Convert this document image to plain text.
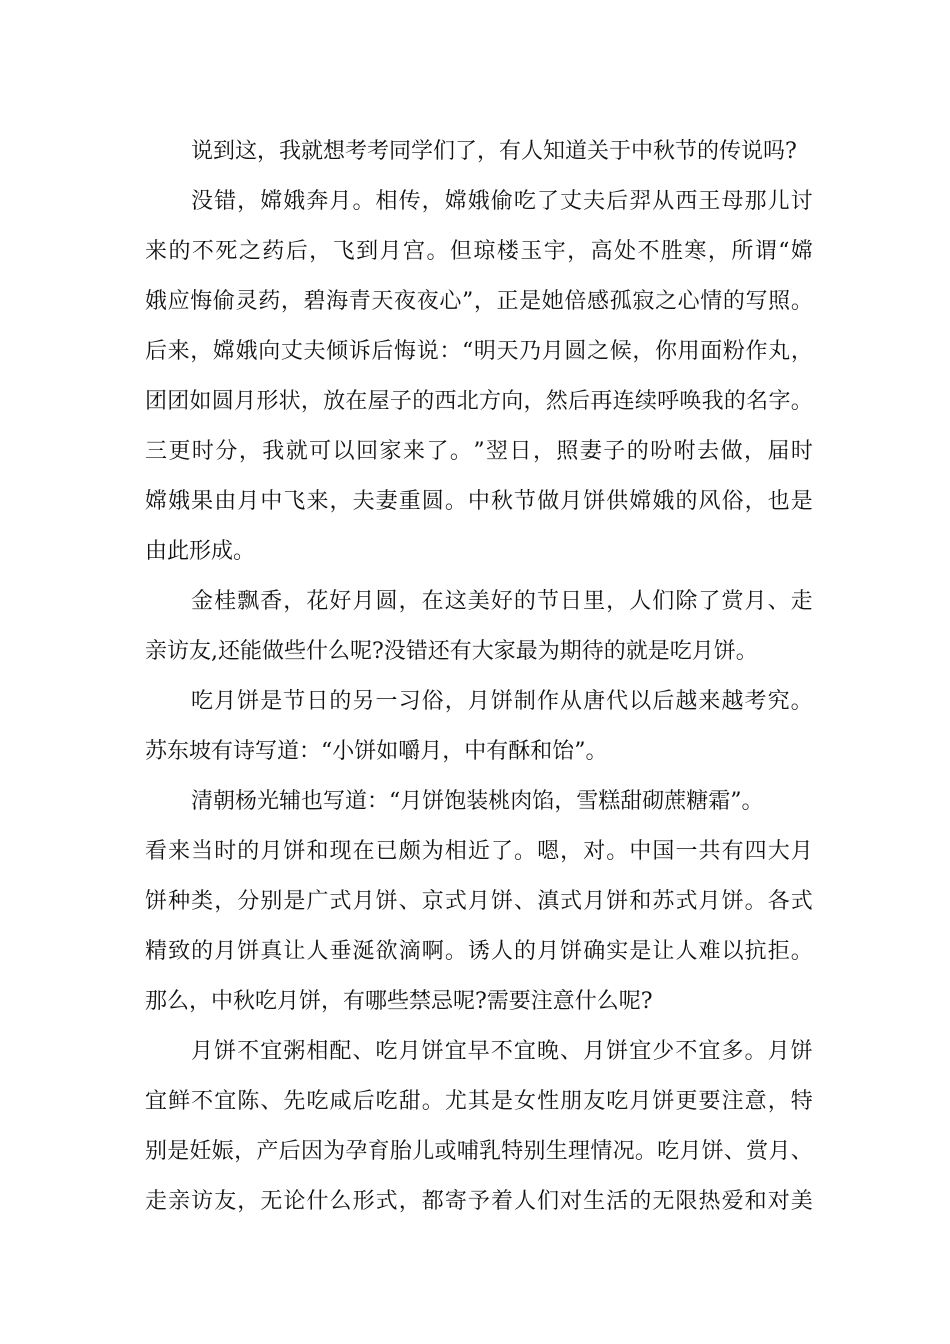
说到这，我就想考考同学们了，有人知道关于中秋节的传说吗?
没 错 ， 嫦 娥 奔 月 。 相 传 ， 嫦 娥 偷 吃 了 丈 夫 后 羿 从 西 王 母 那 儿 讨
来 的 不 死 之 药 后 ， 飞 到 月 宫 。 但 琼 楼 玉 宇 ， 高 处 不 胜 寒 ， 所 谓 “ 嫦
娥 应 悔 偷 灵 药 ， 碧 海 青 天 夜 夜 心 ” ， 正 是 她 倍 感 孤 寂 之 心 情 的 写 照 。
后 来 ， 嫦 娥 向 丈 夫 倾 诉 后 悔 说 ： “ 明 天 乃 月 圆 之 候 ， 你 用 面 粉 作 丸 ，
团 团 如 圆 月 形 状 ， 放 在 屋 子 的 西 北 方 向 ， 然 后 再 连 续 呼 唤 我 的 名 字 。
三 更 时 分 ， 我 就 可 以 回 家 来 了 。 ” 翌 日 ， 照 妻 子 的 吩 咐 去 做 ， 届 时
嫦 娥 果 由 月 中 飞 来 ， 夫 妻 重 圆 。 中 秋 节 做 月 饼 供 嫦 娥 的 风 俗 ， 也 是
由此形成。
金 桂 飘 香 ， 花 好 月 圆 ， 在 这 美 好 的 节 日 里 ， 人 们 除 了 赏 月 、 走
亲访友,还能做些什么呢?没错还有大家最为期待的就是吃月饼。
吃 月 饼 是 节 日 的 另 一 习 俗 ， 月 饼 制 作 从 唐 代 以 后 越 来 越 考 究 。
苏东坡有诗写道：“小饼如嚼月，中有酥和饴”。
清朝杨光辅也写道：“月饼饱装桃肉馅，雪糕甜砌蔗糖霜”。
看 来 当 时 的 月 饼 和 现 在 已 颇 为 相 近 了 。 嗯 ， 对 。 中 国 一 共 有 四 大 月
饼 种 类 ， 分 别 是 广 式 月 饼 、 京 式 月 饼 、 滇 式 月 饼 和 苏 式 月 饼 。 各 式
精 致 的 月 饼 真 让 人 垂 涎 欲 滴 啊 。 诱 人 的 月 饼 确 实 是 让 人 难 以 抗 拒 。
那么，中秋吃月饼，有哪些禁忌呢?需要注意什么呢?
月 饼 不 宜 粥 相 配 、 吃 月 饼 宜 早 不 宜 晚 、 月 饼 宜 少 不 宜 多 。 月 饼
宜 鲜 不 宜 陈 、 先 吃 咸 后 吃 甜 。 尤 其 是 女 性 朋 友 吃 月 饼 更 要 注 意 ， 特
别 是 妊 娠 ， 产 后 因 为 孕 育 胎 儿 或 哺 乳 特 别 生 理 情 况 。 吃 月 饼 、 赏 月 、
走 亲 访 友 ， 无 论 什 么 形 式 ， 都 寄 予 着 人 们 对 生 活 的 无 限 热 爱 和 对 美
